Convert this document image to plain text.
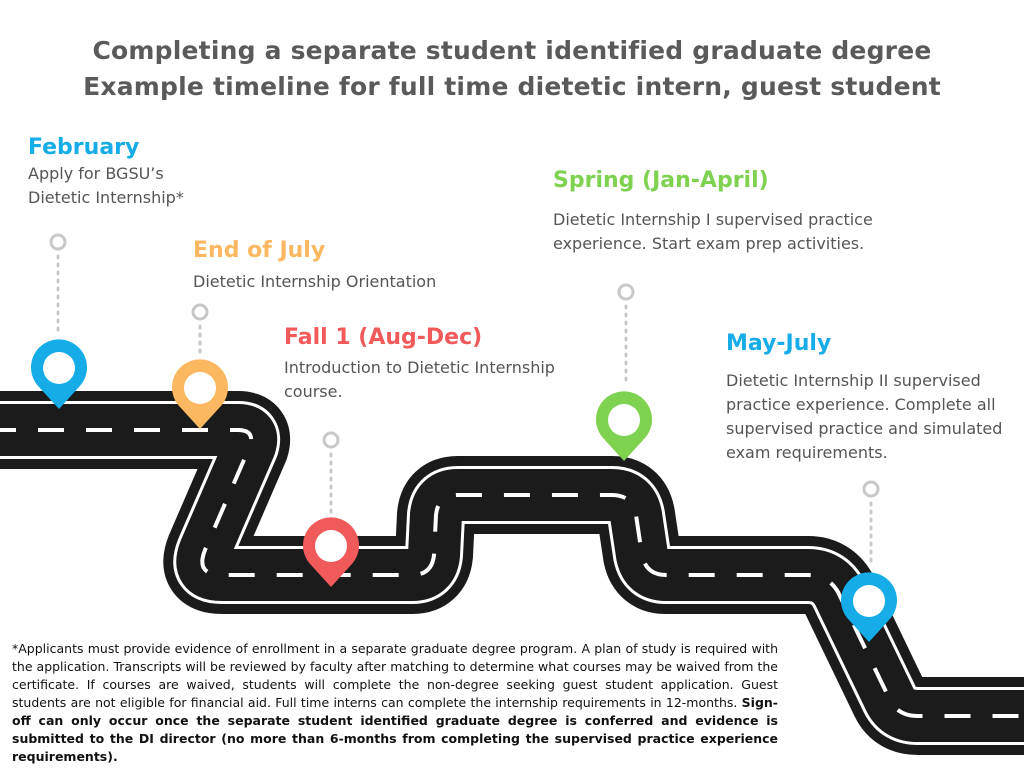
Completing a separate student identified graduate degree
Example timeline for full time dietetic intern, guest student
February
Apply for BGSU’s Dietetic Internship*
End of July
Dietetic Internship Orientation
Fall 1 (Aug-Dec)
Introduction to Dietetic Internship course.
Spring (Jan-April)
Dietetic Internship I supervised practice experience. Start exam prep activities.
May-July
Dietetic Internship II supervised practice experience. Complete all supervised practice and simulated exam requirements.
*Applicants must provide evidence of enrollment in a separate graduate degree program. A plan of study is required with the application. Transcripts will be reviewed by faculty after matching to determine what courses may be waived from the certificate. If courses are waived, students will complete the non-degree seeking guest student application. Guest students are not eligible for financial aid. Full time interns can complete the internship requirements in 12-months. Sign-off can only occur once the separate student identified graduate degree is conferred and evidence is submitted to the DI director (no more than 6-months from completing the supervised practice experience requirements).
